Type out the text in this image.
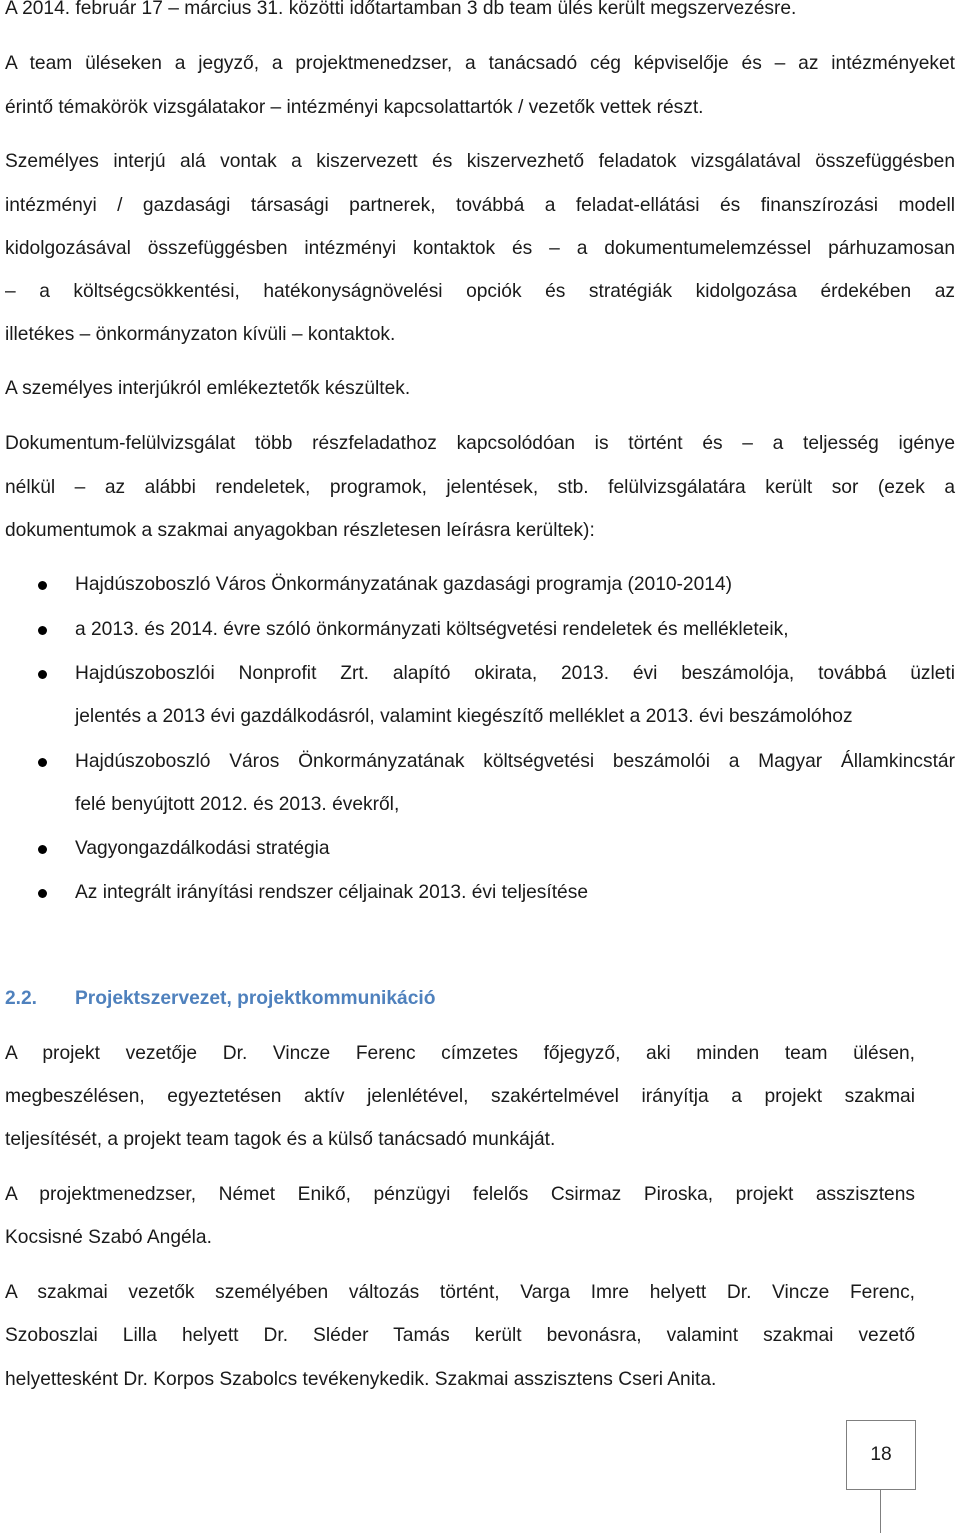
A 2014. február 17 – március 31. közötti időtartamban 3 db team ülés került megszervezésre.
A team üléseken a jegyző, a projektmenedzser, a tanácsadó cég képviselője és – az intézményeket
érintő témakörök vizsgálatakor – intézményi kapcsolattartók / vezetők vettek részt.
Személyes interjú alá vontak a kiszervezett és kiszervezhető feladatok vizsgálatával összefüggésben
intézményi / gazdasági társasági partnerek, továbbá a feladat-ellátási és finanszírozási modell
kidolgozásával összefüggésben intézményi kontaktok és – a dokumentumelemzéssel párhuzamosan
– a költségcsökkentési, hatékonyságnövelési opciók és stratégiák kidolgozása érdekében az
illetékes – önkormányzaton kívüli – kontaktok.
A személyes interjúkról emlékeztetők készültek.
Dokumentum-felülvizsgálat több részfeladathoz kapcsolódóan is történt és – a teljesség igénye
nélkül – az alábbi rendeletek, programok, jelentések, stb. felülvizsgálatára került sor (ezek a
dokumentumok a szakmai anyagokban részletesen leírásra kerültek):
Hajdúszoboszló Város Önkormányzatának gazdasági programja (2010-2014)
a 2013. és 2014. évre szóló önkormányzati költségvetési rendeletek és mellékleteik,
Hajdúszoboszlói Nonprofit Zrt. alapító okirata, 2013. évi beszámolója, továbbá üzleti
jelentés a 2013 évi gazdálkodásról, valamint kiegészítő melléklet a 2013. évi beszámolóhoz
Hajdúszoboszló Város Önkormányzatának költségvetési beszámolói a Magyar Államkincstár
felé benyújtott 2012. és 2013. évekről,
Vagyongazdálkodási stratégia
Az integrált irányítási rendszer céljainak 2013. évi teljesítése
2.2. Projektszervezet, projektkommunikáció
A projekt vezetője Dr. Vincze Ferenc címzetes főjegyző, aki minden team ülésen,
megbeszélésen, egyeztetésen aktív jelenlétével, szakértelmével irányítja a projekt szakmai
teljesítését, a projekt team tagok és a külső tanácsadó munkáját.
A projektmenedzser, Német Enikő, pénzügyi felelős Csirmaz Piroska, projekt asszisztens
Kocsisné Szabó Angéla.
A szakmai vezetők személyében változás történt, Varga Imre helyett Dr. Vincze Ferenc,
Szoboszlai Lilla helyett Dr. Sléder Tamás került bevonásra, valamint szakmai vezető
helyettesként Dr. Korpos Szabolcs tevékenykedik. Szakmai asszisztens Cseri Anita.
18
